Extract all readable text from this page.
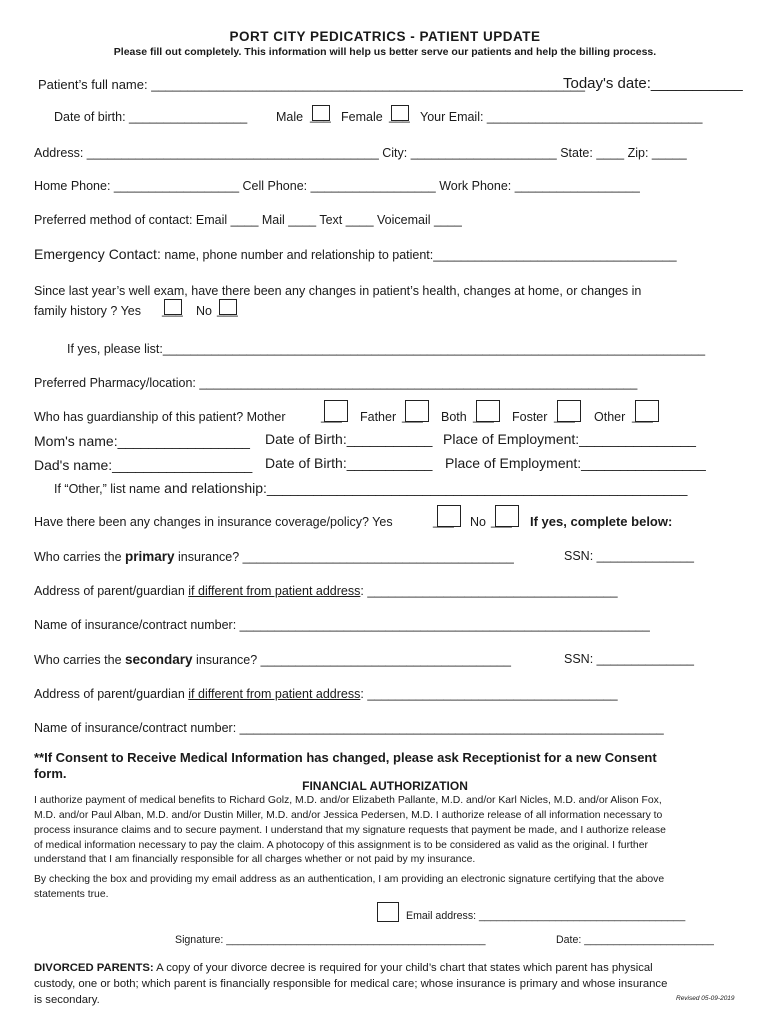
PORT CITY PEDICATRICS - PATIENT UPDATE
Please fill out completely. This information will help us better serve our patients and help the billing process.
Patient’s full name: ____________________________________________________________
Today's date:___________
Date of birth: _________________ Male ___ Female ___ Your Email: _______________________________
Address: __________________________________________ City: _____________________ State: ____ Zip: _____
Home Phone: __________________ Cell Phone: __________________ Work Phone: __________________
Preferred method of contact: Email ____ Mail ____ Text ____ Voicemail ____
Emergency Contact: name, phone number and relationship to patient:___________________________________
Since last year’s well exam, have there been any changes in patient’s health, changes at home, or changes in
family history ? Yes ___ No ___
If yes, please list:______________________________________________________________________________
Preferred Pharmacy/location: _______________________________________________________________
Who has guardianship of this patient? Mother	___ Father ___ Both ___ Foster ___ Other ___
Mom's name:_________________ Date of Birth:___________ Place of Employment:_______________
Dad's name:__________________ Date of Birth:___________ Place of Employment:________________
If “Other,” list name and relationship:______________________________________________________
Have there been any changes in insurance coverage/policy? Yes	___ No ___ If yes, complete below:
Who carries the primary insurance? _______________________________________	SSN: ______________
Address of parent/guardian if different from patient address: ____________________________________
Name of insurance/contract number: ___________________________________________________________
Who carries the secondary insurance? ____________________________________	SSN: ______________
Address of parent/guardian if different from patient address: ____________________________________
Name of insurance/contract number: _____________________________________________________________
**If Consent to Receive Medical Information has changed, please ask Receptionist for a new Consent
form.
FINANCIAL AUTHORIZATION
I authorize payment of medical benefits to Richard Golz, M.D. and/or Elizabeth Pallante, M.D. and/or Karl Nicles, M.D. and/or Alison Fox,
M.D. and/or Paul Alban, M.D. and/or Dustin Miller, M.D. and/or Jessica Pedersen, M.D. I authorize release of all information necessary to
process insurance claims and to secure payment. I understand that my signature requests that payment be made, and I authorize release
of medical information necessary to pay the claim. A photocopy of this assignment is to be considered as valid as the original. I further
understand that I am financially responsible for all charges whether or not paid by my insurance.
By checking the box and providing my email address as an authentication, I am providing an electronic signature certifying that the above
statements true.
Email address: ___________________________________
Signature: ____________________________________________	Date: ______________________
DIVORCED PARENTS: A copy of your divorce decree is required for your child’s chart that states which parent has physical
custody, one or both; which parent is financially responsible for medical care; whose insurance is primary and whose insurance
is secondary.	Revised 05-09-2019
